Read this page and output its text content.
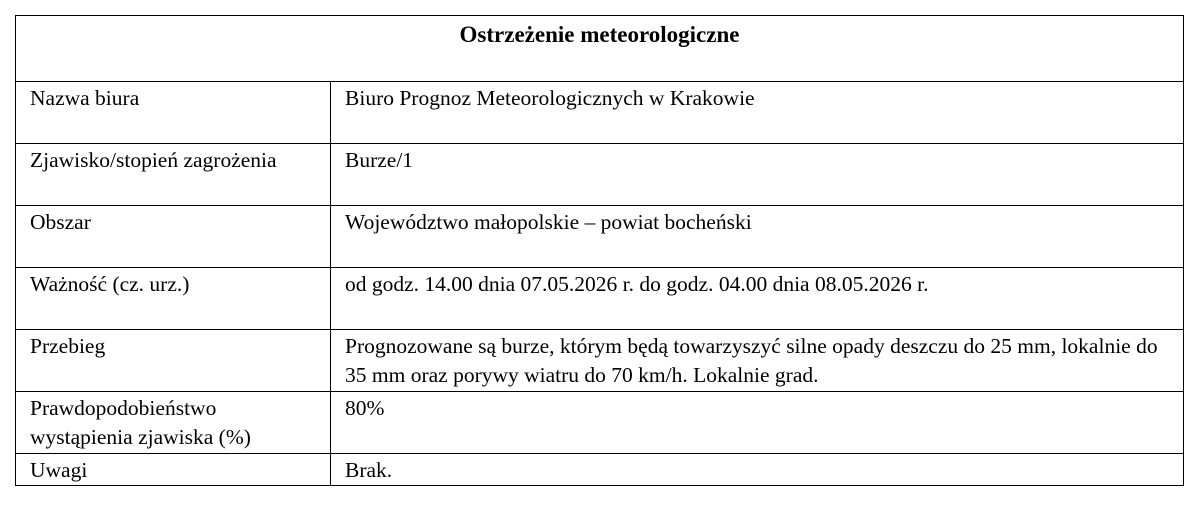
Ostrzeżenie meteorologiczne	
Nazwa biura	Biuro Prognoz Meteorologicznych w Krakowie
Zjawisko/stopień zagrożenia	Burze/1
Obszar	Województwo małopolskie – powiat bocheński
Ważność (cz. urz.)	od godz. 14.00 dnia 07.05.2026 r. do godz. 04.00 dnia 08.05.2026 r.
Przebieg	Prognozowane są burze, którym będą towarzyszyć silne opady deszczu do 25 mm, lokalnie do 35 mm oraz porywy wiatru do 70 km/h. Lokalnie grad.
Prawdopodobieństwo wystąpienia zjawiska (%)	80%
Uwagi	Brak.
